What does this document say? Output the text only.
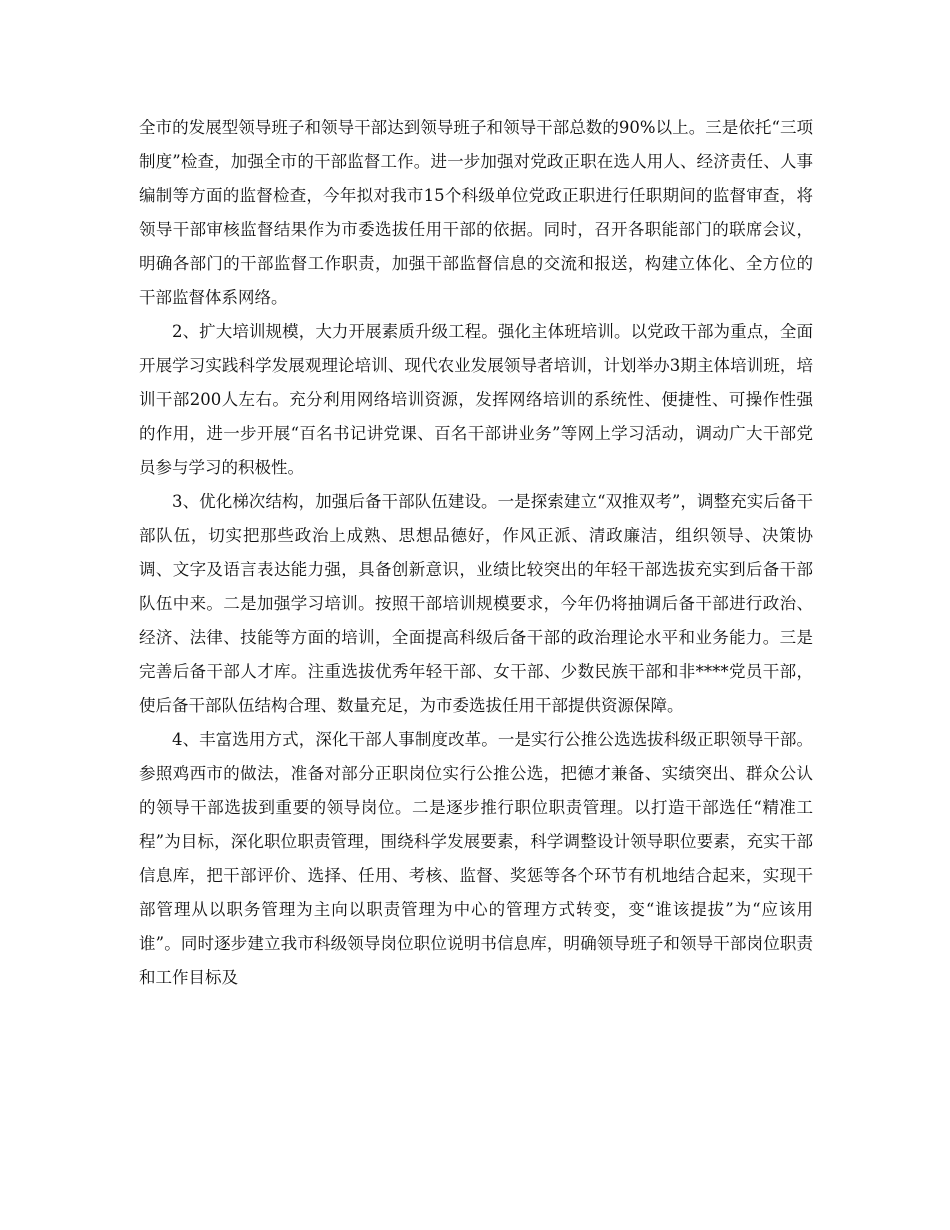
全市的发展型领导班子和领导干部达到领导班子和领导干部总数的90%以上。三是依托“三项制度”检查，加强全市的干部监督工作。进一步加强对党政正职在选人用人、经济责任、人事编制等方面的监督检查，今年拟对我市15个科级单位党政正职进行任职期间的监督审查，将领导干部审核监督结果作为市委选拔任用干部的依据。同时，召开各职能部门的联席会议，明确各部门的干部监督工作职责，加强干部监督信息的交流和报送，构建立体化、全方位的干部监督体系网络。

2、扩大培训规模，大力开展素质升级工程。强化主体班培训。以党政干部为重点，全面开展学习实践科学发展观理论培训、现代农业发展领导者培训，计划举办3期主体培训班，培训干部200人左右。充分利用网络培训资源，发挥网络培训的系统性、便捷性、可操作性强的作用，进一步开展“百名书记讲党课、百名干部讲业务”等网上学习活动，调动广大干部党员参与学习的积极性。

3、优化梯次结构，加强后备干部队伍建设。一是探索建立“双推双考”，调整充实后备干部队伍，切实把那些政治上成熟、思想品德好，作风正派、清政廉洁，组织领导、决策协调、文字及语言表达能力强，具备创新意识，业绩比较突出的年轻干部选拔充实到后备干部队伍中来。二是加强学习培训。按照干部培训规模要求，今年仍将抽调后备干部进行政治、经济、法律、技能等方面的培训，全面提高科级后备干部的政治理论水平和业务能力。三是完善后备干部人才库。注重选拔优秀年轻干部、女干部、少数民族干部和非****党员干部，使后备干部队伍结构合理、数量充足，为市委选拔任用干部提供资源保障。

4、丰富选用方式，深化干部人事制度改革。一是实行公推公选选拔科级正职领导干部。参照鸡西市的做法，准备对部分正职岗位实行公推公选，把德才兼备、实绩突出、群众公认的领导干部选拔到重要的领导岗位。二是逐步推行职位职责管理。以打造干部选任“精准工程”为目标，深化职位职责管理，围绕科学发展要素，科学调整设计领导职位要素，充实干部信息库，把干部评价、选择、任用、考核、监督、奖惩等各个环节有机地结合起来，实现干部管理从以职务管理为主向以职责管理为中心的管理方式转变，变“谁该提拔”为“应该用谁”。同时逐步建立我市科级领导岗位职位说明书信息库，明确领导班子和领导干部岗位职责和工作目标及
